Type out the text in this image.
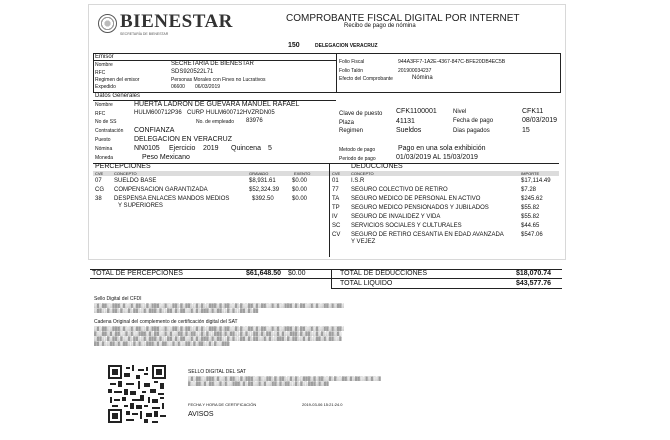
BIENESTAR
SECRETARÍA DE BIENESTAR
COMPROBANTE FISCAL DIGITAL POR INTERNET
Recibo de pago de nómina
150	DELEGACION VERACRUZ
Emisor
Nombre	SECRETARIA DE BIENESTAR
RFC	SDS920522L71
Regimen del emisor	Personas Morales con Fines no Lucrativos
Expedido	06600 06/03/2019
Folio Fiscal	944A3FF7-1A2E-4367-847C-BFE20DB4EC5B
Folio Talón	201900034237
Efecto del Comprobante	Nómina
Datos Generales
Nombre	HUERTA LADRON DE GUEVARA MANUEL RAFAEL
RFC	HULM600712P36 CURP HULM600712HVZRDN05
No de SS	No. de empleado 83976
Contratación CONFIANZA
Puesto	DELEGACION EN VERACRUZ
Nómina	NN0105 Ejercicio 2019 Quincena 5
Moneda	Peso Mexicano
Clave de puesto CFK1100001	Nivel	CFK11
Plaza	41131	Fecha de pago	08/03/2019
Regimen	Sueldos	Dias pagados	15
Metodo de pago	Pago en una sola exhibición
Periodo de pago	01/03/2019 AL 15/03/2019
PERCEPCIONES	DEDUCCIONES
CVE	CONCEPTO	GRAVADO	EXENTO	CVE	CONCEPTO	IMPORTE
07 SUELDO BASE	$8,931.61	$0.00
CG COMPENSACION GARANTIZADA	$52,324.39 $0.00
38 DESPENSA ENLACES MANDOS MEDIOS
Y SUPERIORES
$392.50	$0.00
01 I.S.R	$17,114.49
77 SEGURO COLECTIVO DE RETIRO	$7.28
TA SEGURO MEDICO DE PERSONAL EN ACTIVO	$245.62
TP SEGURO MEDICO PENSIONADOS Y JUBILADOS	$55.82
IV SEGURO DE INVALIDEZ Y VIDA	$55.82
SC SERVICIOS SOCIALES Y CULTURALES	$44.65
CV SEGURO DE RETIRO CESANTIA EN EDAD AVANZADA
Y VEJEZ
$547.06
TOTAL DE PERCEPCIONES	$61,648.50 $0.00	TOTAL DE DEDUCCIONES	$18,070.74
TOTAL LIQUIDO	$43,577.76
Sello Digital del CFDI
░▒░▒▒░░▒▒▒░▒░░▒░▒▒░░▒░▒▒▒░░▒░░▒▒░▒░▒▒░░▒░▒░░▒▒▒░▒░▒▒░░▒░▒░░▒▒░▒░▒▒░░▒░▒░░▒▒▒░▒░▒▒░░▒░▒░░▒▒░▒░▒▒░
░▒▒░░▒░▒▒░▒░░▒░▒▒░░▒░▒▒▒░▒░░▒▒░▒░▒▒░░▒░▒░▒▒▒░▒░▒▒░░▒░▒░░▒▒░▒░▒▒
Cadena Original del complemento de certificación digital del SAT
░▒░▒▒░░▒▒▒░▒░░▒░▒▒░░▒░▒▒▒░░▒░░▒▒░▒░▒▒░░▒░▒░░▒▒▒░▒░▒▒░░▒░▒░░▒▒░▒░▒▒░░▒░▒░░▒▒▒░▒░▒▒░░▒░▒░░▒▒░▒░▒▒░
▒░░▒▒░▒░▒▒░░▒░▒░░▒▒▒░▒░▒▒░░▒░▒░░▒▒░▒░▒▒░░▒░▒░░▒▒▒░▒░▒▒░░▒░▒░░▒▒░▒░▒▒░░▒░▒░░▒▒▒░▒░▒▒░░▒░▒░░▒▒░▒░
░▒▒░░▒░▒▒░▒░░▒░▒▒░░▒░▒▒▒░▒░░▒▒░▒░▒▒░░▒░▒░▒▒▒░▒░▒▒░░▒░▒░░▒▒░▒░▒▒░░▒░▒░░▒▒▒░▒░▒▒░░▒░▒░░▒▒░▒░▒▒░░▒
▒▒░▒░░▒▒░▒░▒▒░░▒░▒░░▒▒▒░▒░▒▒░░▒░▒░░▒▒░▒░▒▒░░▒░▒░░▒▒▒
SELLO DIGITAL DEL SAT
░▒░▒▒░░▒▒▒░▒░░▒░▒▒░░▒░▒▒▒░░▒░░▒▒░▒░▒▒░░▒░▒░░▒▒▒░▒░▒▒░░▒░▒░░▒▒░▒░▒▒░░▒░▒░░▒
▒░░▒▒░▒░▒▒░░▒░▒░░▒▒▒░▒░▒▒░░▒░▒░░▒▒░▒░▒▒░░▒░▒░░▒▒▒░▒░▒▒
FECHA Y HORA DE CERTIFICACIÓN	2019-03-06 15:21:24.0
AVISOS
